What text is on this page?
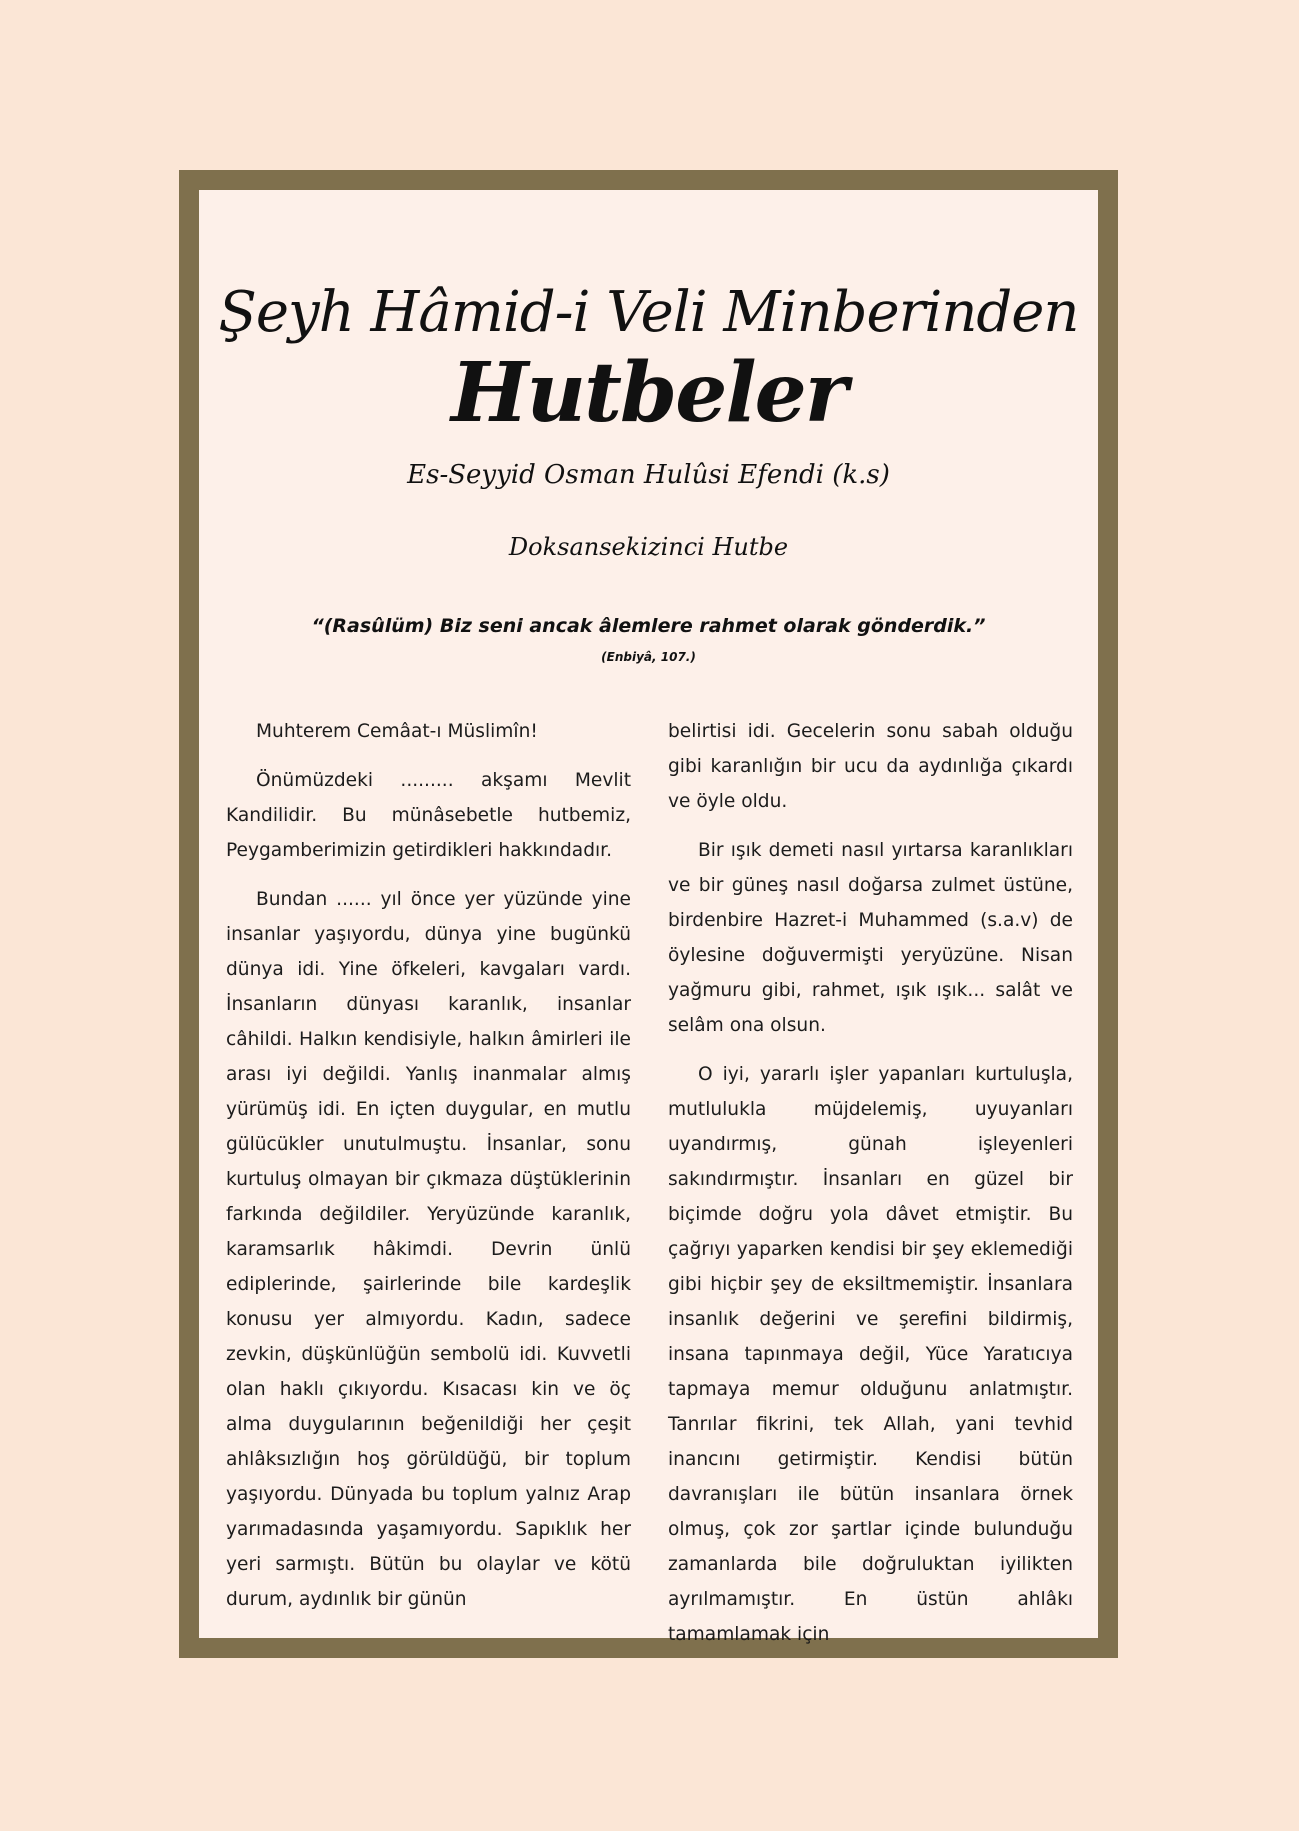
Şeyh Hâmid-i Veli Minberinden
Hutbeler
Es-Seyyid Osman Hulûsi Efendi (k.s)
Doksansekizinci Hutbe
“(Rasûlüm) Biz seni ancak âlemlere rahmet olarak gönderdik.”
(Enbiyâ, 107.)

Muhterem Cemâat-ı Müslimîn!

Önümüzdeki ......... akşamı Mevlit Kandilidir. Bu münâsebetle hutbemiz, Peygamberimizin getirdikleri hakkındadır.

Bundan ...... yıl önce yer yüzünde yine insanlar yaşıyordu, dünya yine bugünkü dünya idi. Yine öfkeleri, kavgaları vardı. İnsanların dünyası karanlık, insanlar câhildi. Halkın kendisiyle, halkın âmirleri ile arası iyi değildi. Yanlış inanmalar almış yürümüş idi. En içten duygular, en mutlu gülücükler unutulmuştu. İnsanlar, sonu kurtuluş olmayan bir çıkmaza düştüklerinin farkında değildiler. Yeryüzünde karanlık, karamsarlık hâkimdi. Devrin ünlü ediplerinde, şairlerinde bile kardeşlik konusu yer almıyordu. Kadın, sadece zevkin, düşkünlüğün sembolü idi. Kuvvetli olan haklı çıkıyordu. Kısacası kin ve öç alma duygularının beğenildiği her çeşit ahlâksızlığın hoş görüldüğü, bir toplum yaşıyordu. Dünyada bu toplum yalnız Arap yarımadasında yaşamıyordu. Sapıklık her yeri sarmıştı. Bütün bu olaylar ve kötü durum, aydınlık bir günün

belirtisi idi. Gecelerin sonu sabah olduğu gibi karanlığın bir ucu da aydınlığa çıkardı ve öyle oldu.

Bir ışık demeti nasıl yırtarsa karanlıkları ve bir güneş nasıl doğarsa zulmet üstüne, birdenbire Hazret-i Muhammed (s.a.v) de öylesine doğuvermişti yeryüzüne. Nisan yağmuru gibi, rahmet, ışık ışık... salât ve selâm ona olsun.

O iyi, yararlı işler yapanları kurtuluşla, mutlulukla müjdelemiş, uyuyanları uyandırmış, günah işleyenleri sakındırmıştır. İnsanları en güzel bir biçimde doğru yola dâvet etmiştir. Bu çağrıyı yaparken kendisi bir şey eklemediği gibi hiçbir şey de eksiltmemiştir. İnsanlara insanlık değerini ve şerefini bildirmiş, insana tapınmaya değil, Yüce Yaratıcıya tapmaya memur olduğunu anlatmıştır. Tanrılar fikrini, tek Allah, yani tevhid inancını getirmiştir. Kendisi bütün davranışları ile bütün insanlara örnek olmuş, çok zor şartlar içinde bulunduğu zamanlarda bile doğruluktan iyilikten ayrılmamıştır. En üstün ahlâkı tamamlamak için
